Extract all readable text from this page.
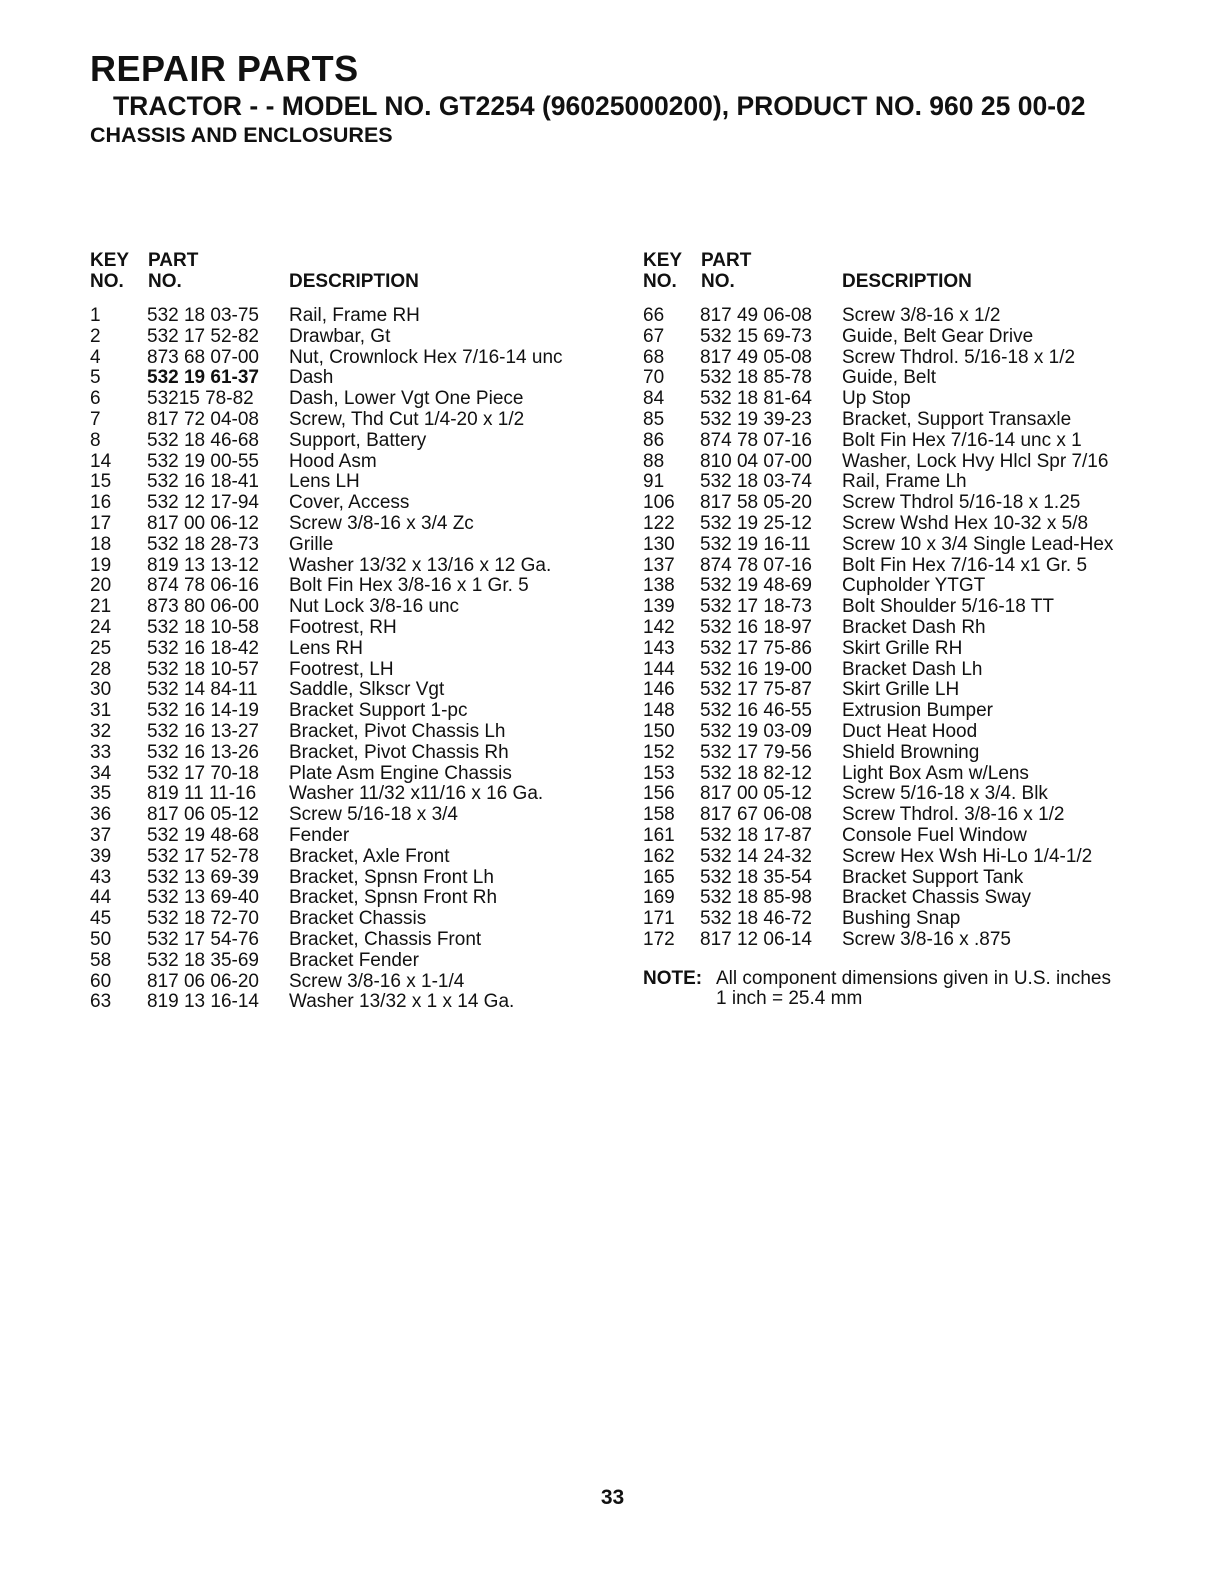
REPAIR PARTS
TRACTOR - - MODEL NO. GT2254 (96025000200), PRODUCT NO. 960 25 00-02
CHASSIS AND ENCLOSURES
KEY
NO.
PART
NO.	DESCRIPTION
1 532 18 03-75 Rail, Frame RH
2 532 17 52-82 Drawbar, Gt
4 873 68 07-00 Nut, Crownlock Hex 7/16-14 unc
5 532 19 61-37 Dash
6 53215 78-82 Dash, Lower Vgt One Piece
7 817 72 04-08 Screw, Thd Cut 1/4-20 x 1/2
8 532 18 46-68 Support, Battery
14 532 19 00-55 Hood Asm
15 532 16 18-41 Lens LH
16 532 12 17-94 Cover, Access
17 817 00 06-12 Screw 3/8-16 x 3/4 Zc
18 532 18 28-73 Grille
19 819 13 13-12 Washer 13/32 x 13/16 x 12 Ga.
20 874 78 06-16 Bolt Fin Hex 3/8-16 x 1 Gr. 5
21 873 80 06-00 Nut Lock 3/8-16 unc
24 532 18 10-58 Footrest, RH
25 532 16 18-42 Lens RH
28 532 18 10-57 Footrest, LH
30 532 14 84-11 Saddle, Slkscr Vgt
31 532 16 14-19 Bracket Support 1-pc
32 532 16 13-27 Bracket, Pivot Chassis Lh
33 532 16 13-26 Bracket, Pivot Chassis Rh
34 532 17 70-18 Plate Asm Engine Chassis
35 819 11 11-16 Washer 11/32 x11/16 x 16 Ga.
36 817 06 05-12 Screw 5/16-18 x 3/4
37 532 19 48-68 Fender
39 532 17 52-78 Bracket, Axle Front
43 532 13 69-39 Bracket, Spnsn Front Lh
44 532 13 69-40 Bracket, Spnsn Front Rh
45 532 18 72-70 Bracket Chassis
50 532 17 54-76 Bracket, Chassis Front
58 532 18 35-69 Bracket Fender
60 817 06 06-20 Screw 3/8-16 x 1-1/4
63 819 13 16-14 Washer 13/32 x 1 x 14 Ga.
KEY
NO.
PART
NO.	DESCRIPTION
66 817 49 06-08 Screw 3/8-16 x 1/2
67 532 15 69-73 Guide, Belt Gear Drive
68 817 49 05-08 Screw Thdrol. 5/16-18 x 1/2
70 532 18 85-78 Guide, Belt
84 532 18 81-64 Up Stop
85 532 19 39-23 Bracket, Support Transaxle
86 874 78 07-16 Bolt Fin Hex 7/16-14 unc x 1
88 810 04 07-00 Washer, Lock Hvy Hlcl Spr 7/16
91 532 18 03-74 Rail, Frame Lh
106 817 58 05-20 Screw Thdrol 5/16-18 x 1.25
122 532 19 25-12 Screw Wshd Hex 10-32 x 5/8
130 532 19 16-11 Screw 10 x 3/4 Single Lead-Hex
137 874 78 07-16 Bolt Fin Hex 7/16-14 x1 Gr. 5
138 532 19 48-69 Cupholder YTGT
139 532 17 18-73 Bolt Shoulder 5/16-18 TT
142 532 16 18-97 Bracket Dash Rh
143 532 17 75-86 Skirt Grille RH
144 532 16 19-00 Bracket Dash Lh
146 532 17 75-87 Skirt Grille LH
148 532 16 46-55 Extrusion Bumper
150 532 19 03-09 Duct Heat Hood
152 532 17 79-56 Shield Browning
153 532 18 82-12 Light Box Asm w/Lens
156 817 00 05-12 Screw 5/16-18 x 3/4. Blk
158 817 67 06-08 Screw Thdrol. 3/8-16 x 1/2
161 532 18 17-87 Console Fuel Window
162 532 14 24-32 Screw Hex Wsh Hi-Lo 1/4-1/2
165 532 18 35-54 Bracket Support Tank
169 532 18 85-98 Bracket Chassis Sway
171 532 18 46-72 Bushing Snap
172 817 12 06-14 Screw 3/8-16 x .875
NOTE: All component dimensions given in U.S. inches
1 inch = 25.4 mm
33
